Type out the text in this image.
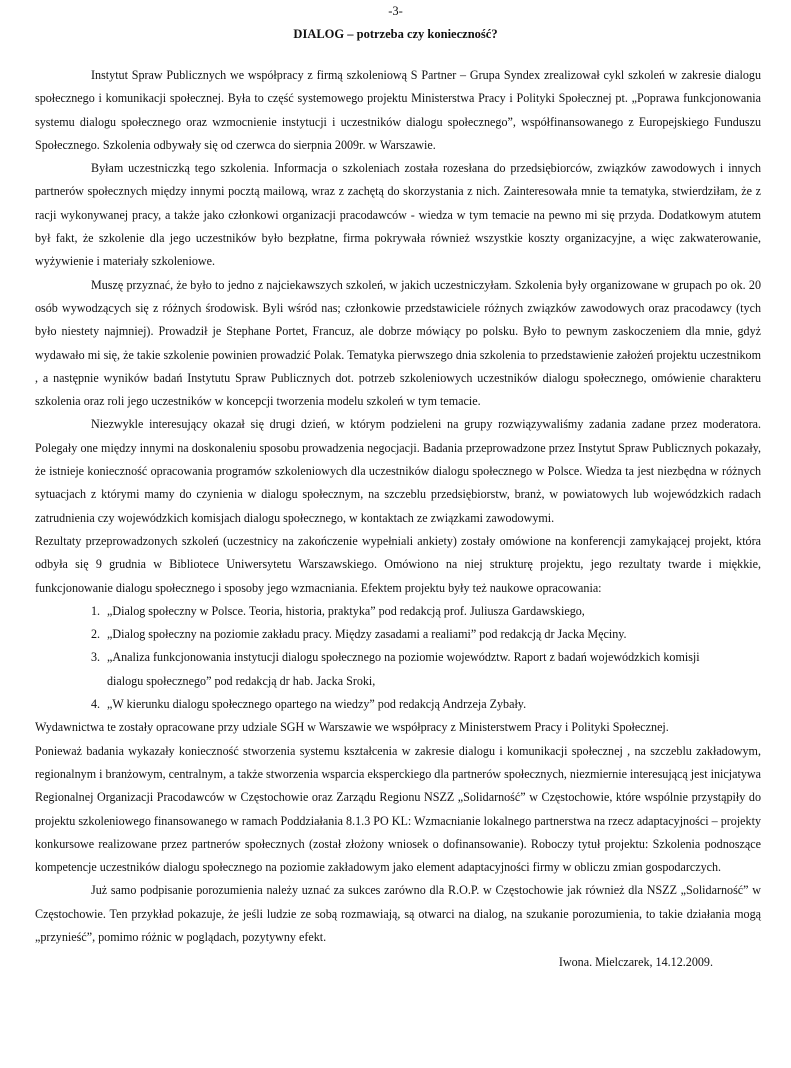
-3-
DIALOG – potrzeba czy konieczność?

Instytut Spraw Publicznych we współpracy z firmą szkoleniową S Partner – Grupa Syndex zrealizował cykl szkoleń w zakresie dialogu społecznego i komunikacji społecznej. Była to część systemowego projektu Ministerstwa Pracy i Polityki Społecznej pt. „Poprawa funkcjonowania systemu dialogu społecznego oraz wzmocnienie instytucji i uczestników dialogu społecznego”, współfinansowanego z Europejskiego Funduszu Społecznego. Szkolenia odbywały się od czerwca do sierpnia 2009r. w Warszawie.

Byłam uczestniczką tego szkolenia. Informacja o szkoleniach została rozesłana do przedsiębiorców, związków zawodowych i innych partnerów społecznych między innymi pocztą mailową, wraz z zachętą do skorzystania z nich. Zainteresowała mnie ta tematyka, stwierdziłam, że z racji wykonywanej pracy, a także jako członkowi organizacji pracodawców - wiedza w tym temacie na pewno mi się przyda. Dodatkowym atutem był fakt, że szkolenie dla jego uczestników było bezpłatne, firma pokrywała również wszystkie koszty organizacyjne, a więc zakwaterowanie, wyżywienie i materiały szkoleniowe.

Muszę przyznać, że było to jedno z najciekawszych szkoleń, w jakich uczestniczyłam. Szkolenia były organizowane w grupach po ok. 20 osób wywodzących się z różnych środowisk. Byli wśród nas; członkowie przedstawiciele różnych związków zawodowych oraz pracodawcy (tych było niestety najmniej). Prowadził je Stephane Portet, Francuz, ale dobrze mówiący po polsku. Było to pewnym zaskoczeniem dla mnie, gdyż wydawało mi się, że takie szkolenie powinien prowadzić Polak. Tematyka pierwszego dnia szkolenia to przedstawienie założeń projektu uczestnikom , a następnie wyników badań Instytutu Spraw Publicznych dot. potrzeb szkoleniowych uczestników dialogu społecznego, omówienie charakteru szkolenia oraz roli jego uczestników w koncepcji tworzenia modelu szkoleń w tym temacie.

Niezwykle interesujący okazał się drugi dzień, w którym podzieleni na grupy rozwiązywaliśmy zadania zadane przez moderatora. Polegały one między innymi na doskonaleniu sposobu prowadzenia negocjacji. Badania przeprowadzone przez Instytut Spraw Publicznych pokazały, że istnieje konieczność opracowania programów szkoleniowych dla uczestników dialogu społecznego w Polsce. Wiedza ta jest niezbędna w różnych sytuacjach z którymi mamy do czynienia w dialogu społecznym, na szczeblu przedsiębiorstw, branż, w powiatowych lub wojewódzkich radach zatrudnienia czy wojewódzkich komisjach dialogu społecznego, w kontaktach ze związkami zawodowymi.

Rezultaty przeprowadzonych szkoleń (uczestnicy na zakończenie wypełniali ankiety) zostały omówione na konferencji zamykającej projekt, która odbyła się 9 grudnia w Bibliotece Uniwersytetu Warszawskiego. Omówiono na niej strukturę projektu, jego rezultaty twarde i miękkie, funkcjonowanie dialogu społecznego i sposoby jego wzmacniania. Efektem projektu były też naukowe opracowania:

1. „Dialog społeczny w Polsce. Teoria, historia, praktyka” pod redakcją prof. Juliusza Gardawskiego,
2. „Dialog społeczny na poziomie zakładu pracy. Między zasadami a realiami” pod redakcją dr Jacka Męciny.
3. „Analiza funkcjonowania instytucji dialogu społecznego na poziomie województw. Raport z badań wojewódzkich komisji dialogu społecznego” pod redakcją dr hab. Jacka Sroki,
4. „W kierunku dialogu społecznego opartego na wiedzy” pod redakcją Andrzeja Zybały.

Wydawnictwa te zostały opracowane przy udziale SGH w Warszawie we współpracy z Ministerstwem Pracy i Polityki Społecznej.

Ponieważ badania wykazały konieczność stworzenia systemu kształcenia w zakresie dialogu i komunikacji społecznej , na szczeblu zakładowym, regionalnym i branżowym, centralnym, a także stworzenia wsparcia eksperckiego dla partnerów społecznych, niezmiernie interesującą jest inicjatywa Regionalnej Organizacji Pracodawców w Częstochowie oraz Zarządu Regionu NSZZ „Solidarność” w Częstochowie, które wspólnie przystąpiły do projektu szkoleniowego finansowanego w ramach Poddziałania 8.1.3 PO KL: Wzmacnianie lokalnego partnerstwa na rzecz adaptacyjności – projekty konkursowe realizowane przez partnerów społecznych (został złożony wniosek o dofinansowanie). Roboczy tytuł projektu: Szkolenia podnoszące kompetencje uczestników dialogu społecznego na poziomie zakładowym jako element adaptacyjności firmy w obliczu zmian gospodarczych.

Już samo podpisanie porozumienia należy uznać za sukces zarówno dla R.O.P. w Częstochowie jak również dla NSZZ „Solidarność” w Częstochowie. Ten przykład pokazuje, że jeśli ludzie ze sobą rozmawiają, są otwarci na dialog, na szukanie porozumienia, to takie działania mogą „przynieść”, pomimo różnic w poglądach, pozytywny efekt.

Iwona. Mielczarek, 14.12.2009.
